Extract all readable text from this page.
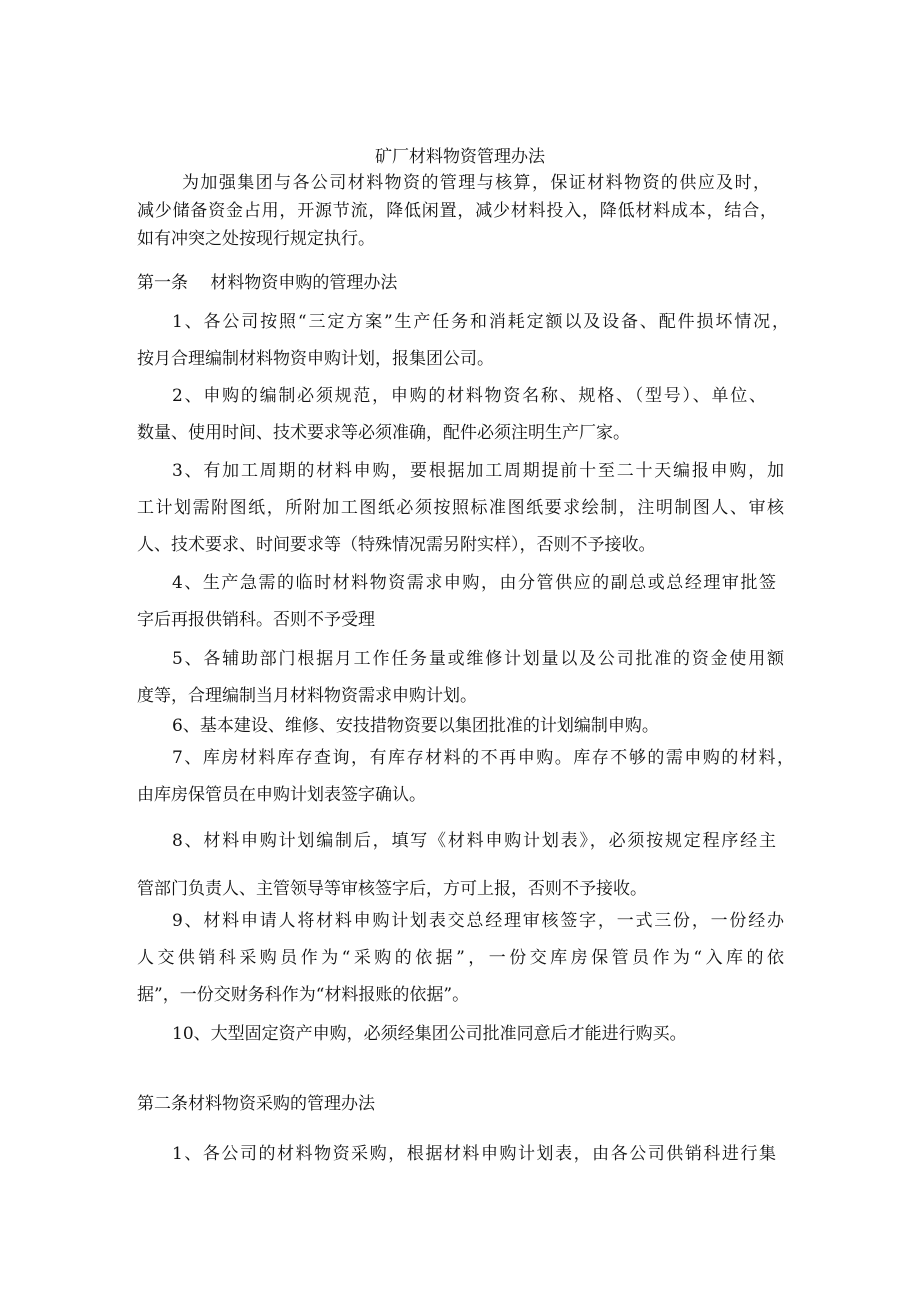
矿厂材料物资管理办法
为加强集团与各公司材料物资的管理与核算，保证材料物资的供应及时，
减少储备资金占用，开源节流，降低闲置，减少材料投入，降低材料成本，结合，
如有冲突之处按现行规定执行。
第一条　 材料物资申购的管理办法
1、各公司按照“三定方案”生产任务和消耗定额以及设备、配件损坏情况，
按月合理编制材料物资申购计划，报集团公司。
2、申购的编制必须规范，申购的材料物资名称、规格、（型号）、单位、
数量、使用时间、技术要求等必须准确，配件必须注明生产厂家。
3、有加工周期的材料申购，要根据加工周期提前十至二十天编报申购，加
工计划需附图纸，所附加工图纸必须按照标准图纸要求绘制，注明制图人、审核
人、技术要求、时间要求等（特殊情况需另附实样），否则不予接收。
4、生产急需的临时材料物资需求申购，由分管供应的副总或总经理审批签
字后再报供销科。否则不予受理
5、各辅助部门根据月工作任务量或维修计划量以及公司批准的资金使用额
度等，合理编制当月材料物资需求申购计划。
6、基本建设、维修、安技措物资要以集团批准的计划编制申购。
7、库房材料库存查询，有库存材料的不再申购。库存不够的需申购的材料，
由库房保管员在申购计划表签字确认。
8、材料申购计划编制后，填写《材料申购计划表》，必须按规定程序经主
管部门负责人、主管领导等审核签字后，方可上报，否则不予接收。
9、材料申请人将材料申购计划表交总经理审核签字，一式三份，一份经办
人交供销科采购员作为“采购的依据”，一份交库房保管员作为“入库的依
据”，一份交财务科作为“材料报账的依据”。
10、大型固定资产申购，必须经集团公司批准同意后才能进行购买。
第二条材料物资采购的管理办法
1、各公司的材料物资采购，根据材料申购计划表，由各公司供销科进行集
